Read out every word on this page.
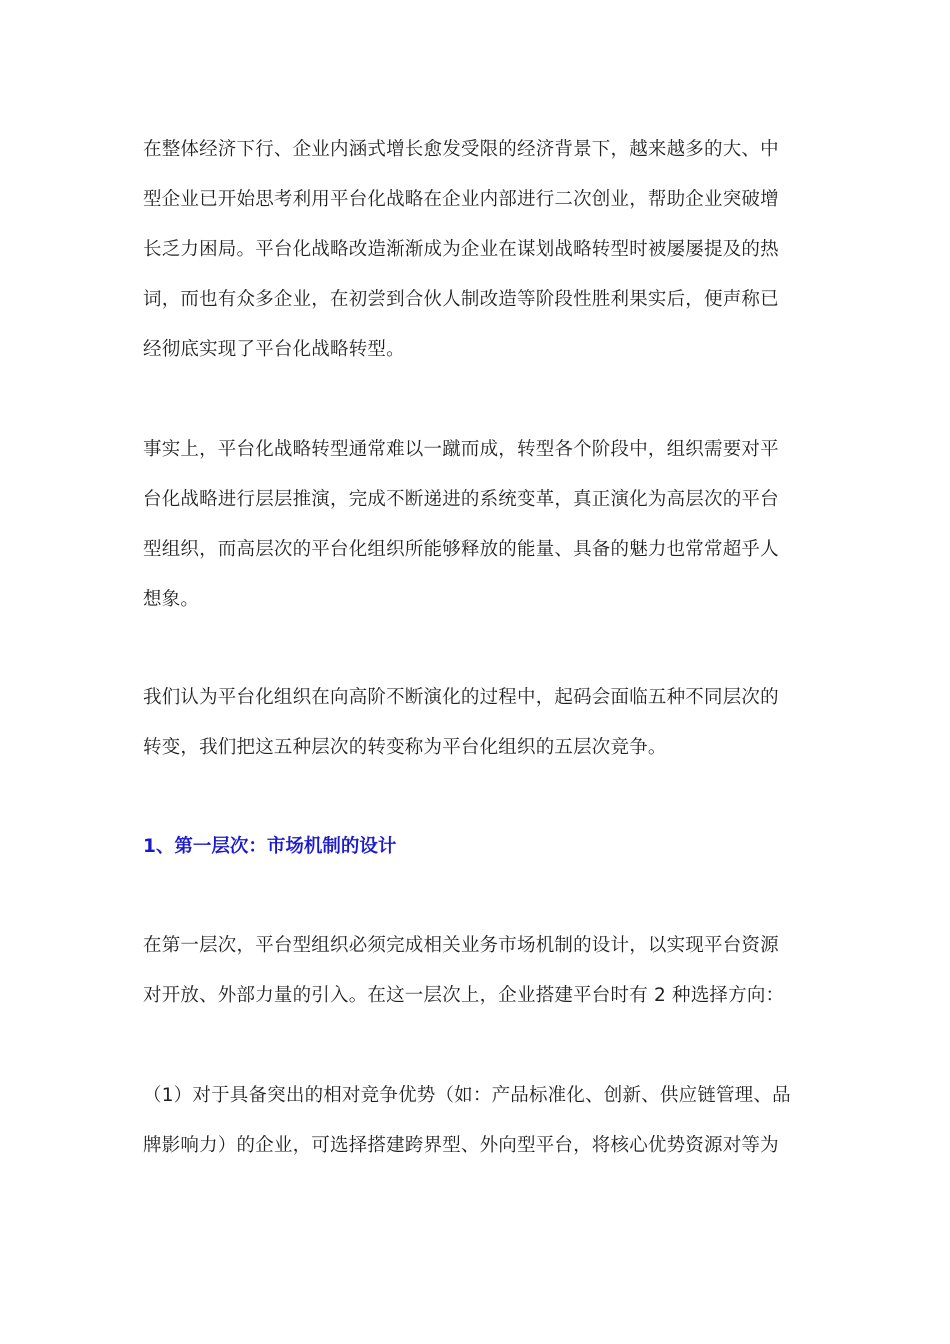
在整体经济下行、企业内涵式增长愈发受限的经济背景下，越来越多的大、中
型企业已开始思考利用平台化战略在企业内部进行二次创业，帮助企业突破增
长乏力困局。平台化战略改造渐渐成为企业在谋划战略转型时被屡屡提及的热
词，而也有众多企业，在初尝到合伙人制改造等阶段性胜利果实后，便声称已
经彻底实现了平台化战略转型。
事实上，平台化战略转型通常难以一蹴而成，转型各个阶段中，组织需要对平
台化战略进行层层推演，完成不断递进的系统变革，真正演化为高层次的平台
型组织，而高层次的平台化组织所能够释放的能量、具备的魅力也常常超乎人
想象。
我们认为平台化组织在向高阶不断演化的过程中，起码会面临五种不同层次的
转变，我们把这五种层次的转变称为平台化组织的五层次竞争。
1、第一层次：市场机制的设计
在第一层次，平台型组织必须完成相关业务市场机制的设计，以实现平台资源
对开放、外部力量的引入。在这一层次上，企业搭建平台时有 2 种选择方向：
（1）对于具备突出的相对竞争优势（如：产品标准化、创新、供应链管理、品
牌影响力）的企业，可选择搭建跨界型、外向型平台，将核心优势资源对等为
